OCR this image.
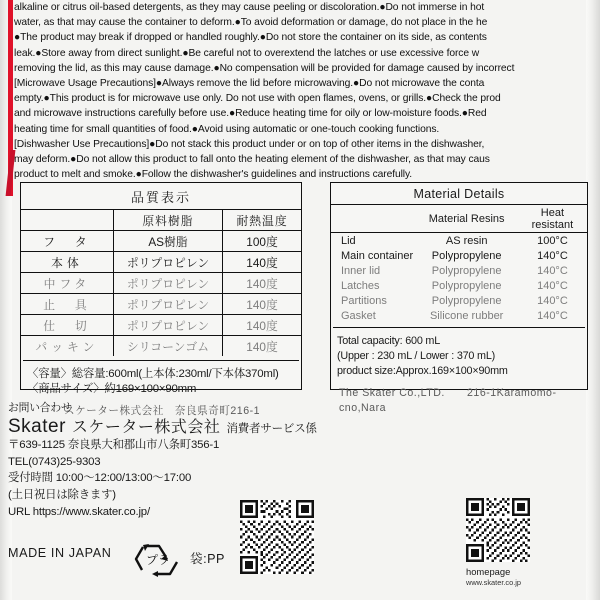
alkaline or citrus oil-based detergents, as they may cause peeling or discoloration.●Do not immerse in hot

water, as that may cause the container to deform.●To avoid deformation or damage, do not place in the he

●The product may break if dropped or handled roughly.●Do not store the container on its side, as contents

leak.●Store away from direct sunlight.●Be careful not to overextend the latches or use excessive force w

removing the lid, as this may cause damage.●No compensation will be provided for damage caused by incorrect

[Microwave Usage Precautions]●Always remove the lid before microwaving.●Do not microwave the conta

empty.●This product is for microwave use only. Do not use with open flames, ovens, or grills.●Check the prod

and microwave instructions carefully before use.●Reduce heating time for oily or low-moisture foods.●Red

heating time for small quantities of food.●Avoid using automatic or one-touch cooking functions.

[Dishwasher Use Precautions]●Do not stack this product under or on top of other items in the dishwasher,

may deform.●Do not allow this product to fall onto the heating element of the dishwasher, as that may caus

product to melt and smoke.●Follow the dishwasher's guidelines and instructions carefully.

品質表示
	原料樹脂	耐熱温度
フ　タ	AS樹脂	100度
本体	ポリプロピレン	140度
中フタ	ポリプロピレン	140度
止　具	ポリプロピレン	140度
仕　切	ポリプロピレン	140度
パッキン	シリコーンゴム	140度
〈容量〉総容量:600ml(上本体:230ml/下本体370ml)
〈商品サイズ〉約169×100×90mm
スケーター株式会社　奈良県奇町216-1
Material Details
	Material Resins	Heat resistant
Lid	AS resin	100°C
Main container	Polypropylene	140°C
Inner lid	Polypropylene	140°C
Latches	Polypropylene	140°C
Partitions	Polypropylene	140°C
Gasket	Silicone rubber	140°C
Total capacity: 600 mL
(Upper : 230 mL / Lower : 370 mL)
product size:Approx.169×100×90mm
The Skater Co.,LTD.　　216-1Karamomo-cno,Nara
お問い合わせ
Skater スケーター株式会社 消費者サービス係
〒639-1125 奈良県大和郡山市八条町356-1
TEL(0743)25-9303
受付時間 10:00〜12:00/13:00〜17:00
(土日祝日は除きます)
URL https://www.skater.co.jp/
homepage
www.skater.co.jp
MADE IN JAPAN	プラ 袋:PP
